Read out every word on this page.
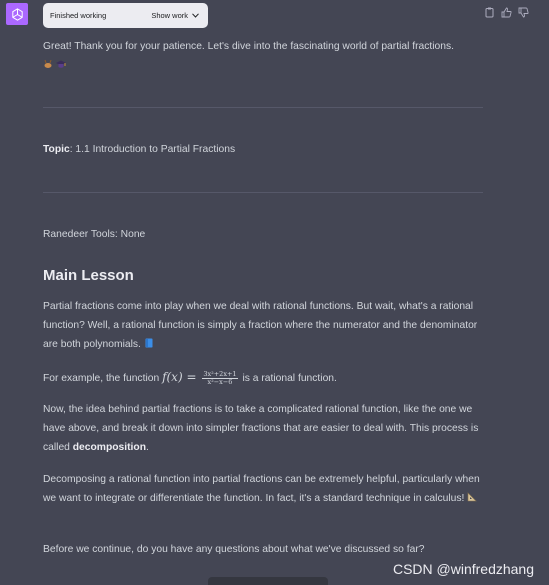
Finished working	Show work
Great! Thank you for your patience. Let's dive into the fascinating world of partial fractions.

Topic: 1.1 Introduction to Partial Fractions
Ranedeer Tools: None
Main Lesson
Partial fractions come into play when we deal with rational functions. But wait, what's a rational function? Well, a rational function is simply a fraction where the numerator and the denominator are both polynomials.
For example, the function $f(x) = \frac{\text{3x²+2x+1}}{\text{x²−x−6}}$ is a rational function.
Now, the idea behind partial fractions is to take a complicated rational function, like the one we have above, and break it down into simpler fractions that are easier to deal with. This process is called decomposition.
Decomposing a rational function into partial fractions can be extremely helpful, particularly when we want to integrate or differentiate the function. In fact, it's a standard technique in calculus!
Before we continue, do you have any questions about what we've discussed so far?
CSDN @winfredzhang
